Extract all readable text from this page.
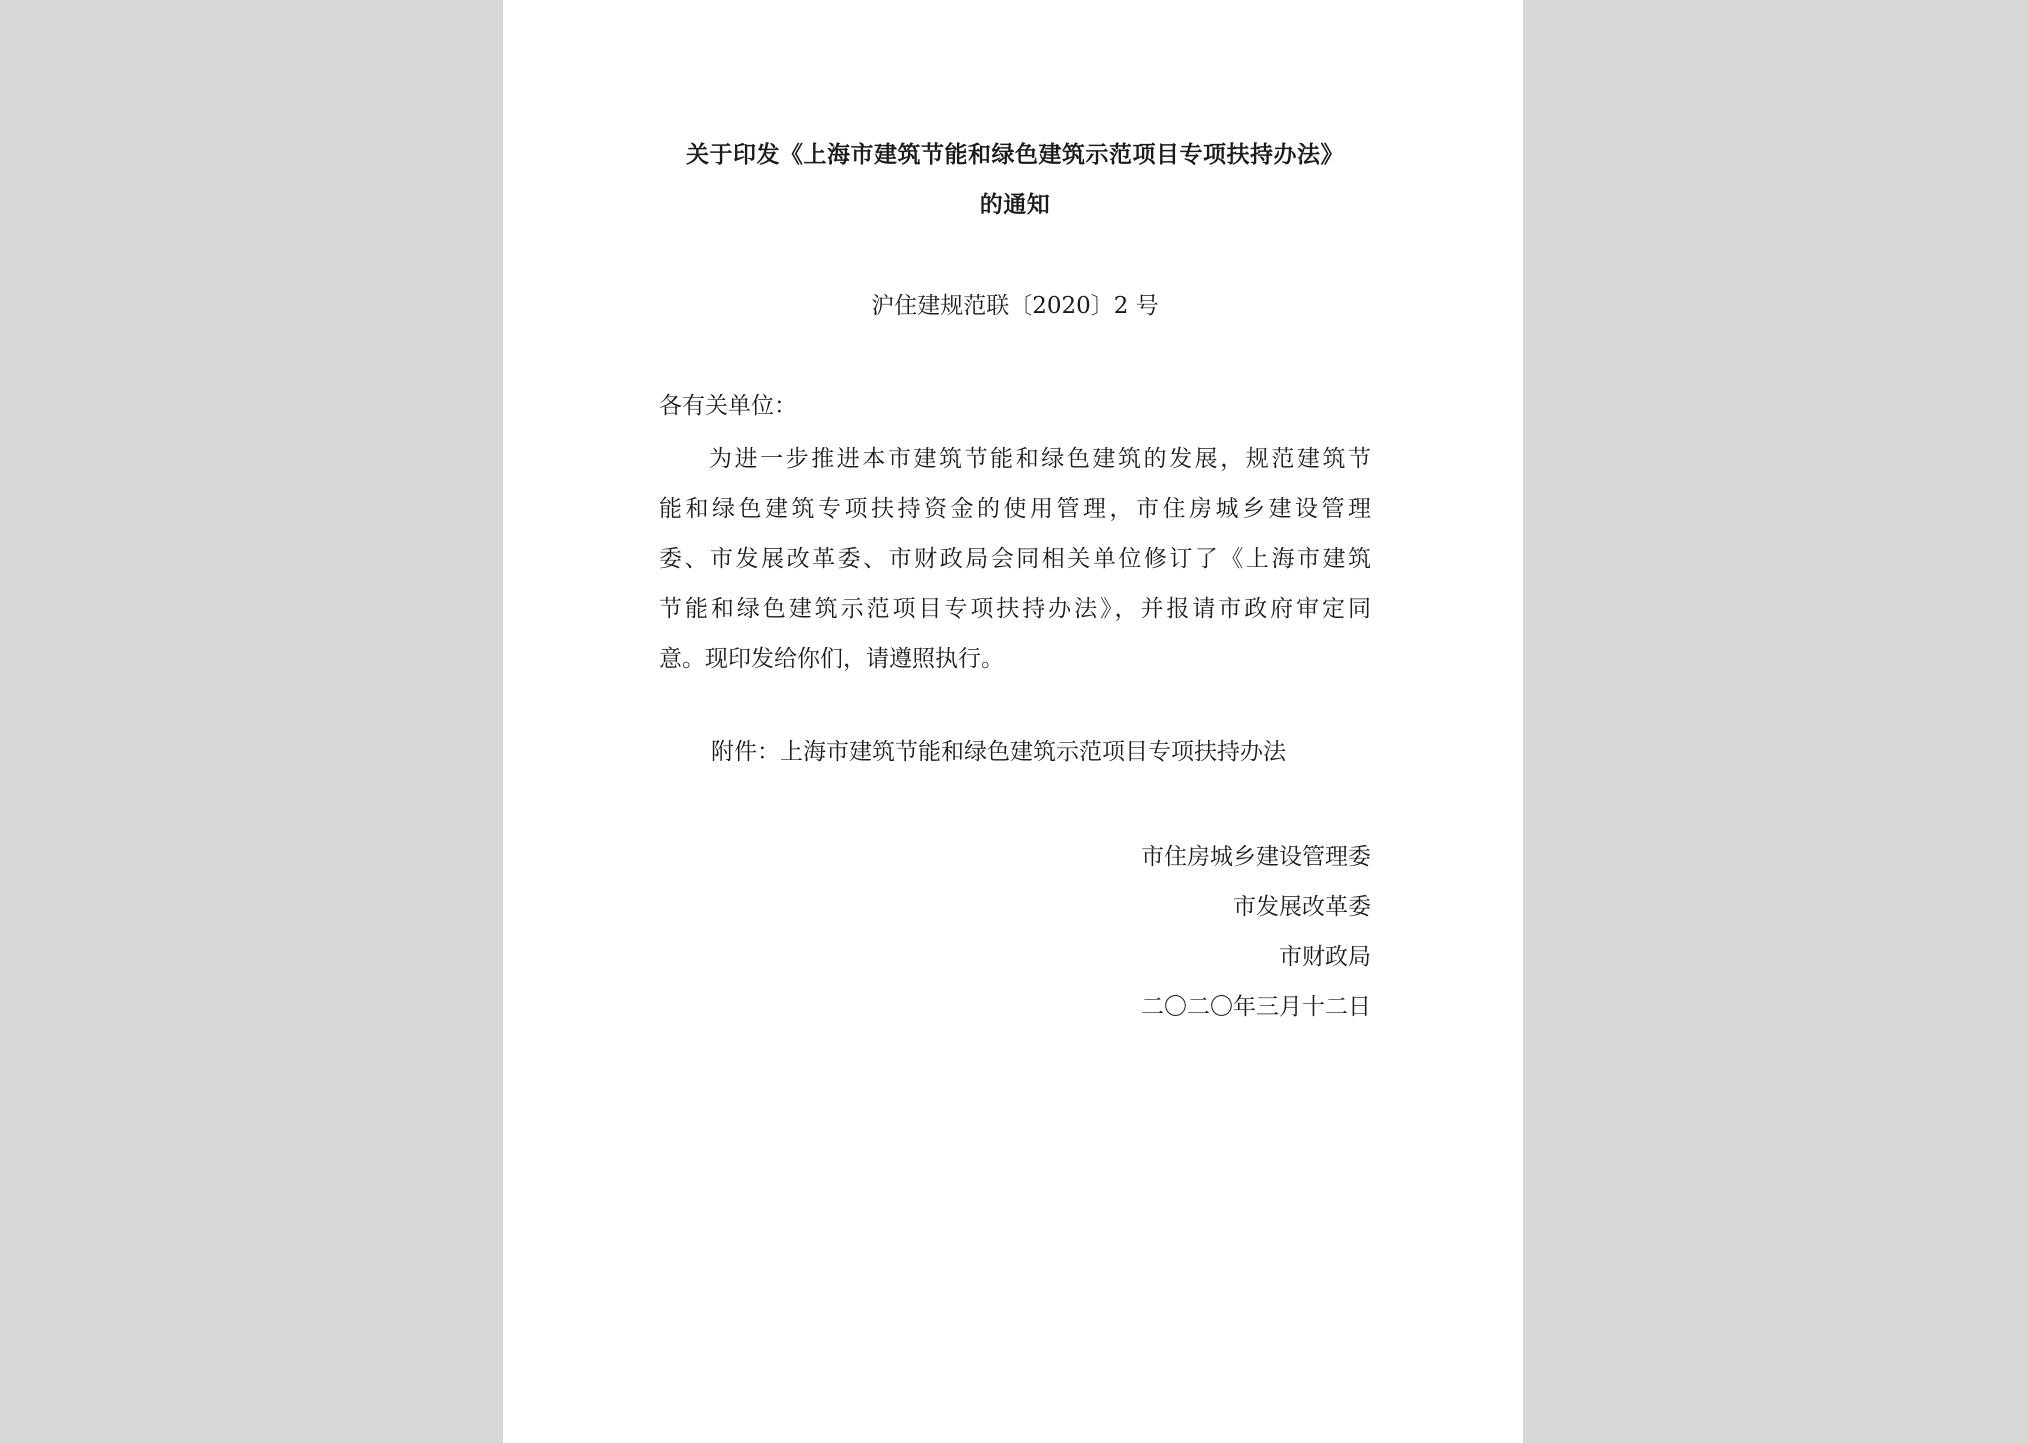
关于印发《上海市建筑节能和绿色建筑示范项目专项扶持办法》
的通知
沪住建规范联〔2020〕2 号
各有关单位：
为进一步推进本市建筑节能和绿色建筑的发展，规范建筑节
能和绿色建筑专项扶持资金的使用管理，市住房城乡建设管理
委、市发展改革委、市财政局会同相关单位修订了《上海市建筑
节能和绿色建筑示范项目专项扶持办法》，并报请市政府审定同
意。现印发给你们，请遵照执行。
附件：上海市建筑节能和绿色建筑示范项目专项扶持办法
市住房城乡建设管理委
市发展改革委
市财政局
二〇二〇年三月十二日
